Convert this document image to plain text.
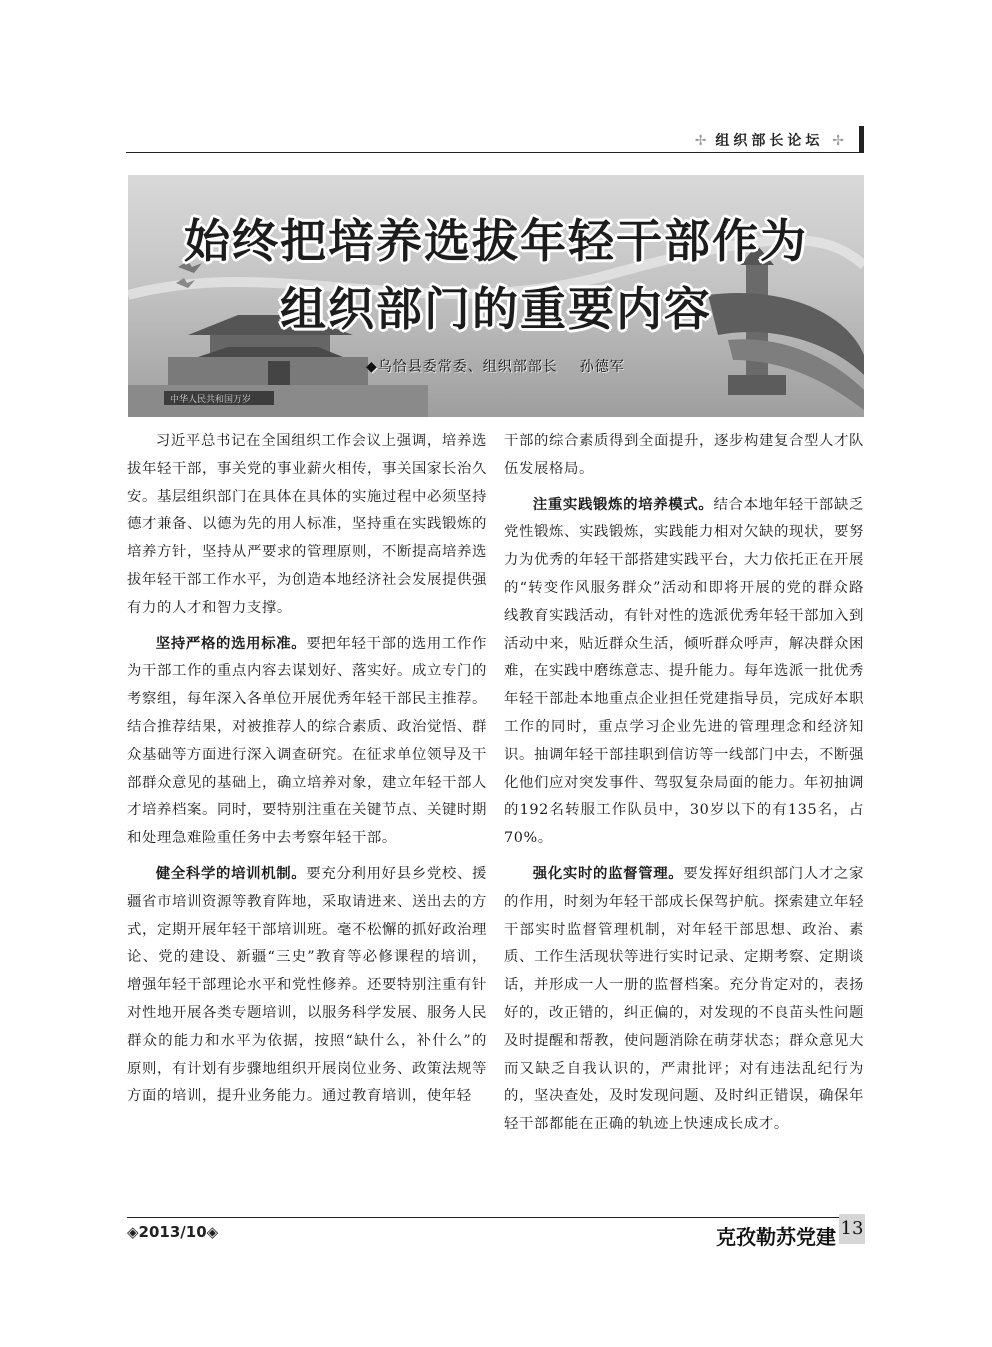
✢ 组织部长论坛 ✢
中华人民共和国万岁
始终把培养选拔年轻干部作为
组织部门的重要内容
◆乌恰县委常委、组织部部长 孙德军

习近平总书记在全国组织工作会议上强调，培养选拔年轻干部，事关党的事业薪火相传，事关国家长治久安。基层组织部门在具体在具体的实施过程中必须坚持德才兼备、以德为先的用人标准，坚持重在实践锻炼的培养方针，坚持从严要求的管理原则，不断提高培养选拔年轻干部工作水平，为创造本地经济社会发展提供强有力的人才和智力支撑。

坚持严格的选用标准。要把年轻干部的选用工作作为干部工作的重点内容去谋划好、落实好。成立专门的考察组，每年深入各单位开展优秀年轻干部民主推荐。结合推荐结果，对被推荐人的综合素质、政治觉悟、群众基础等方面进行深入调查研究。在征求单位领导及干部群众意见的基础上，确立培养对象，建立年轻干部人才培养档案。同时，要特别注重在关键节点、关键时期和处理急难险重任务中去考察年轻干部。

健全科学的培训机制。要充分利用好县乡党校、援疆省市培训资源等教育阵地，采取请进来、送出去的方式，定期开展年轻干部培训班。毫不松懈的抓好政治理论、党的建设、新疆“三史”教育等必修课程的培训，增强年轻干部理论水平和党性修养。还要特别注重有针对性地开展各类专题培训，以服务科学发展、服务人民群众的能力和水平为依据，按照“缺什么，补什么”的原则，有计划有步骤地组织开展岗位业务、政策法规等方面的培训，提升业务能力。通过教育培训，使年轻

干部的综合素质得到全面提升，逐步构建复合型人才队伍发展格局。

注重实践锻炼的培养模式。结合本地年轻干部缺乏党性锻炼、实践锻炼，实践能力相对欠缺的现状，要努力为优秀的年轻干部搭建实践平台，大力依托正在开展的“转变作风服务群众”活动和即将开展的党的群众路线教育实践活动，有针对性的选派优秀年轻干部加入到活动中来，贴近群众生活，倾听群众呼声，解决群众困难，在实践中磨练意志、提升能力。每年选派一批优秀年轻干部赴本地重点企业担任党建指导员，完成好本职工作的同时，重点学习企业先进的管理理念和经济知识。抽调年轻干部挂职到信访等一线部门中去，不断强化他们应对突发事件、驾驭复杂局面的能力。年初抽调的192名转服工作队员中，30岁以下的有135名，占70%。

强化实时的监督管理。要发挥好组织部门人才之家的作用，时刻为年轻干部成长保驾护航。探索建立年轻干部实时监督管理机制，对年轻干部思想、政治、素质、工作生活现状等进行实时记录、定期考察、定期谈话，并形成一人一册的监督档案。充分肯定对的，表扬好的，改正错的，纠正偏的，对发现的不良苗头性问题及时提醒和帮教，使问题消除在萌芽状态；群众意见大而又缺乏自我认识的，严肃批评；对有违法乱纪行为的，坚决查处，及时发现问题、及时纠正错误，确保年轻干部都能在正确的轨迹上快速成长成才。

◈2013/10◈	克孜勒苏党建 13
